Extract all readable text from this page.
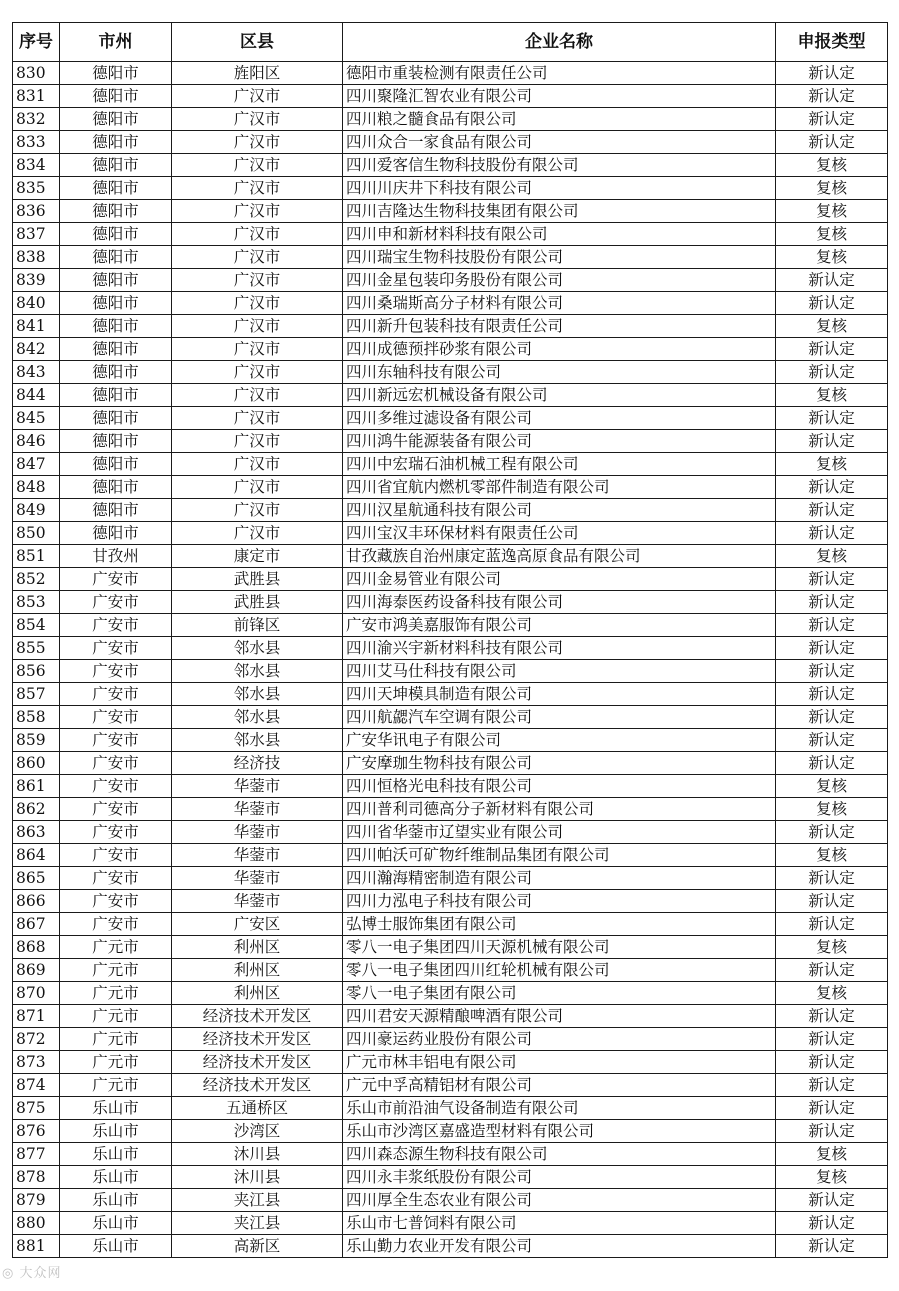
序号	市州	区县	企业名称	申报类型
830	德阳市	旌阳区	德阳市重装检测有限责任公司	新认定
831	德阳市	广汉市	四川聚隆汇智农业有限公司	新认定
832	德阳市	广汉市	四川粮之髓食品有限公司	新认定
833	德阳市	广汉市	四川众合一家食品有限公司	新认定
834	德阳市	广汉市	四川爱客信生物科技股份有限公司	复核
835	德阳市	广汉市	四川川庆井下科技有限公司	复核
836	德阳市	广汉市	四川吉隆达生物科技集团有限公司	复核
837	德阳市	广汉市	四川申和新材料科技有限公司	复核
838	德阳市	广汉市	四川瑞宝生物科技股份有限公司	复核
839	德阳市	广汉市	四川金星包装印务股份有限公司	新认定
840	德阳市	广汉市	四川桑瑞斯高分子材料有限公司	新认定
841	德阳市	广汉市	四川新升包装科技有限责任公司	复核
842	德阳市	广汉市	四川成德预拌砂浆有限公司	新认定
843	德阳市	广汉市	四川东轴科技有限公司	新认定
844	德阳市	广汉市	四川新远宏机械设备有限公司	复核
845	德阳市	广汉市	四川多维过滤设备有限公司	新认定
846	德阳市	广汉市	四川鸿牛能源装备有限公司	新认定
847	德阳市	广汉市	四川中宏瑞石油机械工程有限公司	复核
848	德阳市	广汉市	四川省宜航内燃机零部件制造有限公司	新认定
849	德阳市	广汉市	四川汉星航通科技有限公司	新认定
850	德阳市	广汉市	四川宝汉丰环保材料有限责任公司	新认定
851	甘孜州	康定市	甘孜藏族自治州康定蓝逸高原食品有限公司	复核
852	广安市	武胜县	四川金易管业有限公司	新认定
853	广安市	武胜县	四川海泰医药设备科技有限公司	新认定
854	广安市	前锋区	广安市鸿美嘉服饰有限公司	新认定
855	广安市	邻水县	四川渝兴宇新材料科技有限公司	新认定
856	广安市	邻水县	四川艾马仕科技有限公司	新认定
857	广安市	邻水县	四川天坤模具制造有限公司	新认定
858	广安市	邻水县	四川航勰汽车空调有限公司	新认定
859	广安市	邻水县	广安华讯电子有限公司	新认定
860	广安市	经济技	广安摩珈生物科技有限公司	新认定
861	广安市	华蓥市	四川恒格光电科技有限公司	复核
862	广安市	华蓥市	四川普利司德高分子新材料有限公司	复核
863	广安市	华蓥市	四川省华蓥市辽望实业有限公司	新认定
864	广安市	华蓥市	四川帕沃可矿物纤维制品集团有限公司	复核
865	广安市	华蓥市	四川瀚海精密制造有限公司	新认定
866	广安市	华蓥市	四川力泓电子科技有限公司	新认定
867	广安市	广安区	弘博士服饰集团有限公司	新认定
868	广元市	利州区	零八一电子集团四川天源机械有限公司	复核
869	广元市	利州区	零八一电子集团四川红轮机械有限公司	新认定
870	广元市	利州区	零八一电子集团有限公司	复核
871	广元市	经济技术开发区	四川君安天源精酿啤酒有限公司	新认定
872	广元市	经济技术开发区	四川豪运药业股份有限公司	新认定
873	广元市	经济技术开发区	广元市林丰铝电有限公司	新认定
874	广元市	经济技术开发区	广元中孚高精铝材有限公司	新认定
875	乐山市	五通桥区	乐山市前沿油气设备制造有限公司	新认定
876	乐山市	沙湾区	乐山市沙湾区嘉盛造型材料有限公司	新认定
877	乐山市	沐川县	四川森态源生物科技有限公司	复核
878	乐山市	沐川县	四川永丰浆纸股份有限公司	复核
879	乐山市	夹江县	四川厚全生态农业有限公司	新认定
880	乐山市	夹江县	乐山市七普饲料有限公司	新认定
881	乐山市	高新区	乐山勤力农业开发有限公司	新认定
◎ 大众网
